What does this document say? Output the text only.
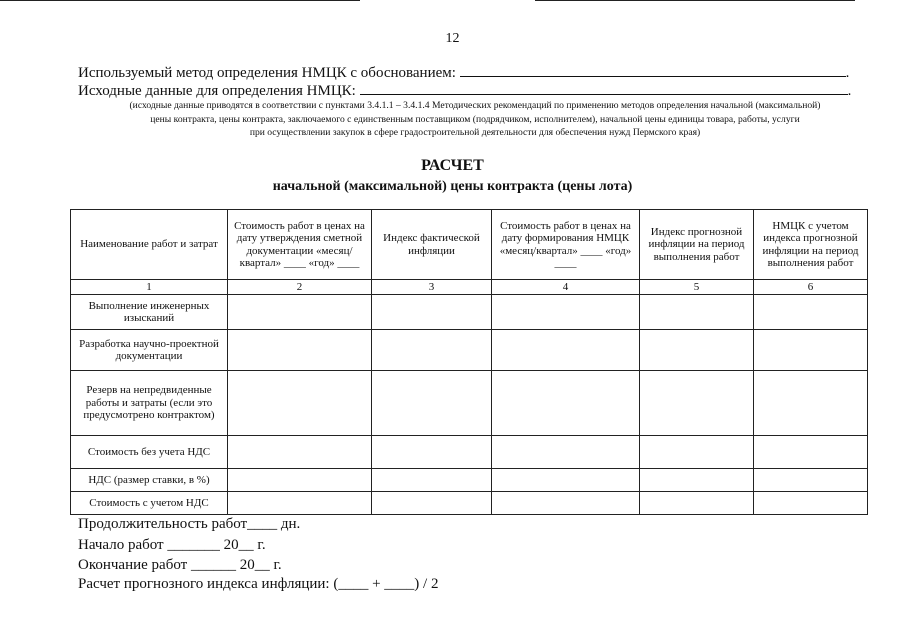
12
Используемый метод определения НМЦК с обоснованием:	.
Исходные данные для определения НМЦК:	.
(исходные данные приводятся в соответствии с пунктами 3.4.1.1 – 3.4.1.4 Методических рекомендаций по применению методов определения начальной (максимальной)
цены контракта, цены контракта, заключаемого с единственным поставщиком (подрядчиком, исполнителем), начальной цены единицы товара, работы, услуги
при осуществлении закупок в сфере градостроительной деятельности для обеспечения нужд Пермского края)
РАСЧЕТ
начальной (максимальной) цены контракта (цены лота)
Наименование работ и затрат	Стоимость работ в ценах на дату утверждения сметной документации «месяц/квартал» ____ «год» ____	Индекс фактической инфляции	Стоимость работ в ценах на дату формирования НМЦК «месяц/квартал» ____ «год» ____	Индекс прогнозной инфляции на период выполнения работ	НМЦК с учетом индекса прогнозной инфляции на период выполнения работ
1	2	3	4	5	6
Выполнение инженерных изысканий					
Разработка научно-проектной документации					
Резерв на непредвиденные работы и затраты (если это предусмотрено контрактом)					
Стоимость без учета НДС					
НДС (размер ставки, в %)					
Стоимость с учетом НДС					
Продолжительность работ____ дн.
Начало работ _______ 20__ г.
Окончание работ ______ 20__ г.
Расчет прогнозного индекса инфляции: (____ + ____) / 2
